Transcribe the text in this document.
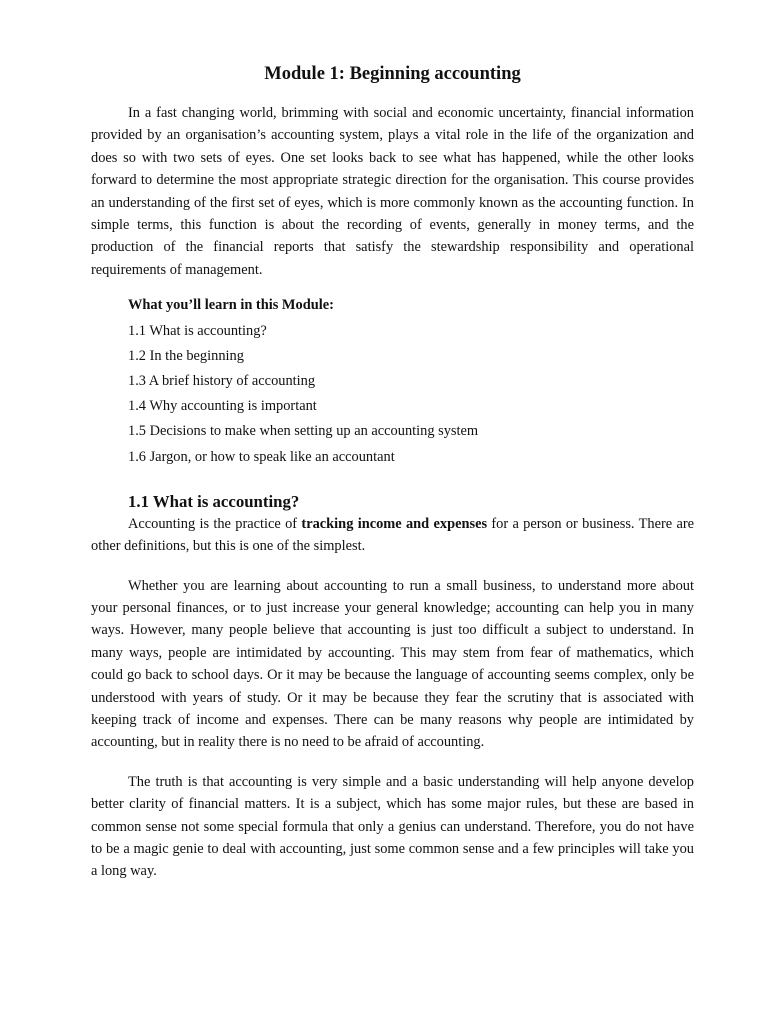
Module 1: Beginning accounting

In a fast changing world, brimming with social and economic uncertainty, financial information provided by an organisation’s accounting system, plays a vital role in the life of the organization and does so with two sets of eyes. One set looks back to see what has happened, while the other looks forward to determine the most appropriate strategic direction for the organisation. This course provides an understanding of the first set of eyes, which is more commonly known as the accounting function. In simple terms, this function is about the recording of events, generally in money terms, and the production of the financial reports that satisfy the stewardship responsibility and operational requirements of management.

What you’ll learn in this Module:
1.1 What is accounting?
1.2 In the beginning
1.3 A brief history of accounting
1.4 Why accounting is important
1.5 Decisions to make when setting up an accounting system
1.6 Jargon, or how to speak like an accountant
1.1 What is accounting?

Accounting is the practice of tracking income and expenses for a person or business. There are other definitions, but this is one of the simplest.

Whether you are learning about accounting to run a small business, to understand more about your personal finances, or to just increase your general knowledge; accounting can help you in many ways. However, many people believe that accounting is just too difficult a subject to understand. In many ways, people are intimidated by accounting. This may stem from fear of mathematics, which could go back to school days. Or it may be because the language of accounting seems complex, only be understood with years of study. Or it may be because they fear the scrutiny that is associated with keeping track of income and expenses. There can be many reasons why people are intimidated by accounting, but in reality there is no need to be afraid of accounting.

The truth is that accounting is very simple and a basic understanding will help anyone develop better clarity of financial matters. It is a subject, which has some major rules, but these are based in common sense not some special formula that only a genius can understand. Therefore, you do not have to be a magic genie to deal with accounting, just some common sense and a few principles will take you a long way.
